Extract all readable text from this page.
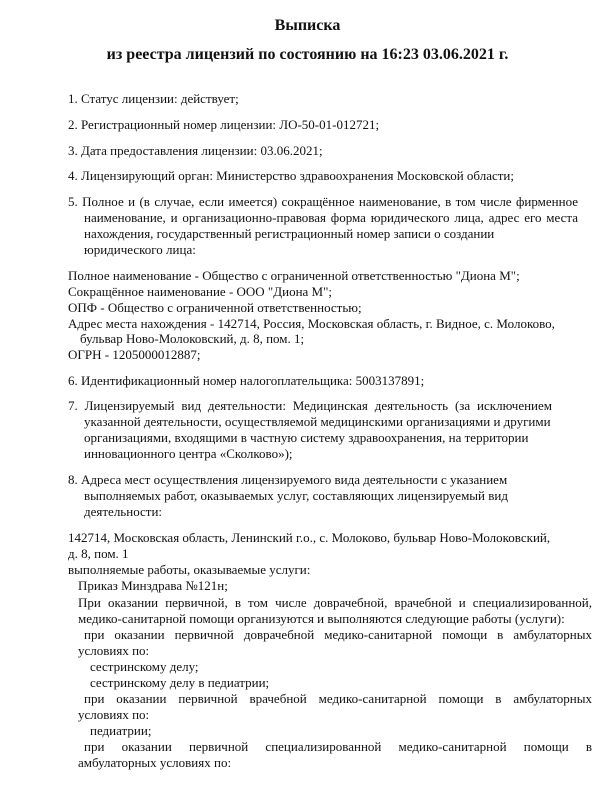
Выписка
из реестра лицензий по состоянию на 16:23 03.06.2021 г.
1. Статус лицензии: действует;
2. Регистрационный номер лицензии: ЛО-50-01-012721;
3. Дата предоставления лицензии: 03.06.2021;
4. Лицензирующий орган: Министерство здравоохранения Московской области;
5. Полное и (в случае, если имеется) сокращённое наименование, в том числе фирменное
наименование, и организационно-правовая форма юридического лица, адрес его места
нахождения, государственный регистрационный номер записи о создании
юридического лица:
Полное наименование - Общество с ограниченной ответственностью "Диона М";
Сокращённое наименование - ООО "Диона М";
ОПФ - Общество с ограниченной ответственностью;
Адрес места нахождения - 142714, Россия, Московская область, г. Видное, с. Молоково,
бульвар Ново-Молоковский, д. 8, пом. 1;
ОГРН - 1205000012887;
6. Идентификационный номер налогоплательщика: 5003137891;
7. Лицензируемый вид деятельности: Медицинская деятельность (за исключением
указанной деятельности, осуществляемой медицинскими организациями и другими
организациями, входящими в частную систему здравоохранения, на территории
инновационного центра «Сколково»);
8. Адреса мест осуществления лицензируемого вида деятельности с указанием
выполняемых работ, оказываемых услуг, составляющих лицензируемый вид
деятельности:
142714, Московская область, Ленинский г.о., с. Молоково, бульвар Ново-Молоковский,
д. 8, пом. 1
выполняемые работы, оказываемые услуги:
Приказ Минздрава №121н;
При оказании первичной, в том числе доврачебной, врачебной и специализированной,
медико-санитарной помощи организуются и выполняются следующие работы (услуги):
при оказании первичной доврачебной медико-санитарной помощи в амбулаторных
условиях по:
сестринскому делу;
сестринскому делу в педиатрии;
при оказании первичной врачебной медико-санитарной помощи в амбулаторных
условиях по:
педиатрии;
при оказании первичной специализированной медико-санитарной помощи в
амбулаторных условиях по:
